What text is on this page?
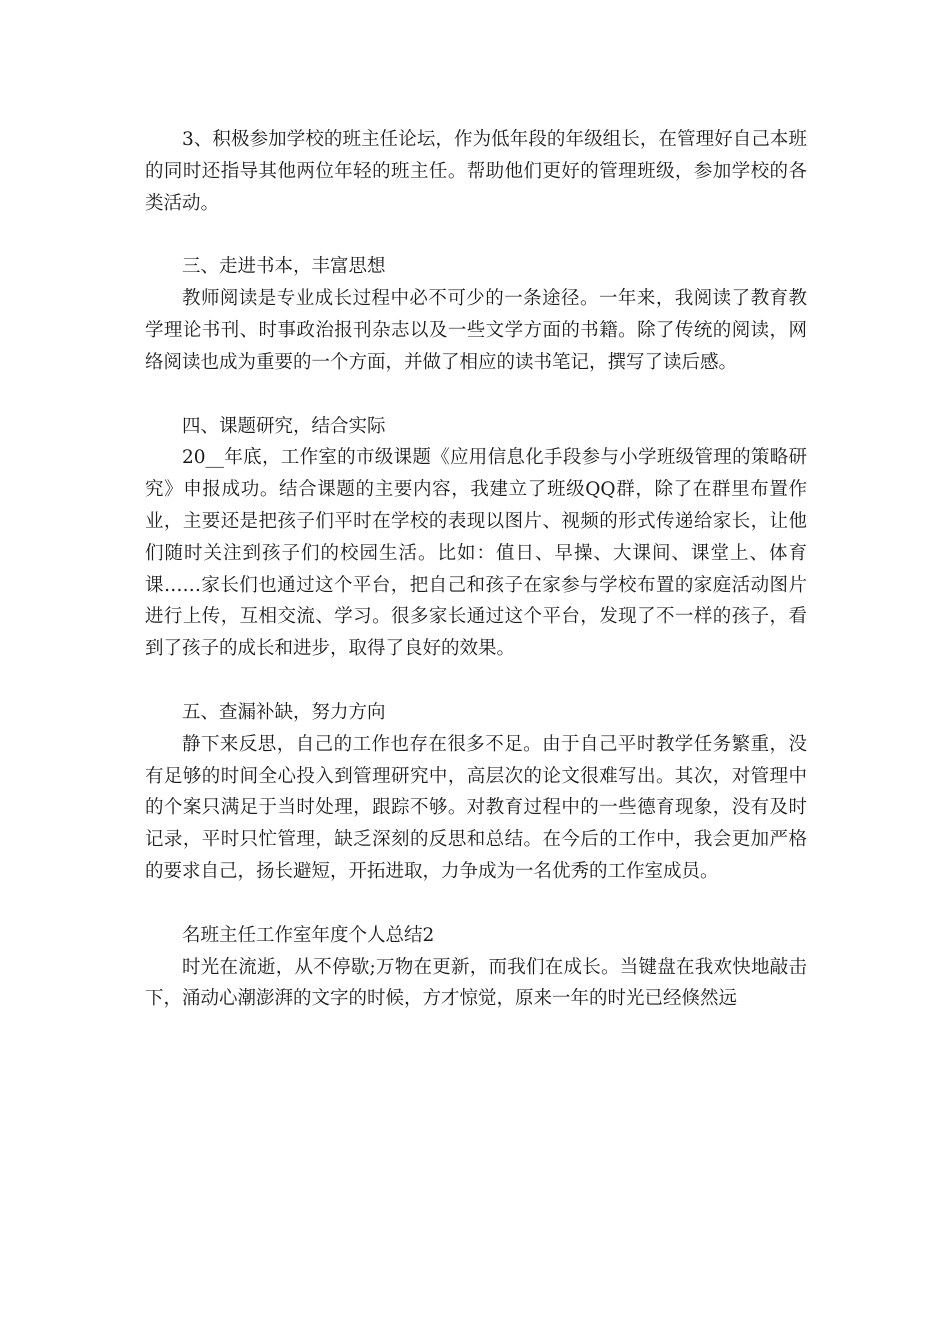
3、积极参加学校的班主任论坛，作为低年段的年级组长，在管理好自己本班的同时还指导其他两位年轻的班主任。帮助他们更好的管理班级，参加学校的各类活动。

三、走进书本，丰富思想

教师阅读是专业成长过程中必不可少的一条途径。一年来，我阅读了教育教学理论书刊、时事政治报刊杂志以及一些文学方面的书籍。除了传统的阅读，网络阅读也成为重要的一个方面，并做了相应的读书笔记，撰写了读后感。

四、课题研究，结合实际

20__年底，工作室的市级课题《应用信息化手段参与小学班级管理的策略研究》申报成功。结合课题的主要内容，我建立了班级QQ群，除了在群里布置作业，主要还是把孩子们平时在学校的表现以图片、视频的形式传递给家长，让他们随时关注到孩子们的校园生活。比如：值日、早操、大课间、课堂上、体育课……家长们也通过这个平台，把自己和孩子在家参与学校布置的家庭活动图片进行上传，互相交流、学习。很多家长通过这个平台，发现了不一样的孩子，看到了孩子的成长和进步，取得了良好的效果。

五、查漏补缺，努力方向

静下来反思，自己的工作也存在很多不足。由于自己平时教学任务繁重，没有足够的时间全心投入到管理研究中，高层次的论文很难写出。其次，对管理中的个案只满足于当时处理，跟踪不够。对教育过程中的一些德育现象，没有及时记录，平时只忙管理，缺乏深刻的反思和总结。在今后的工作中，我会更加严格的要求自己，扬长避短，开拓进取，力争成为一名优秀的工作室成员。

名班主任工作室年度个人总结2

时光在流逝，从不停歇;万物在更新，而我们在成长。当键盘在我欢快地敲击下，涌动心潮澎湃的文字的时候，方才惊觉，原来一年的时光已经倏然远
